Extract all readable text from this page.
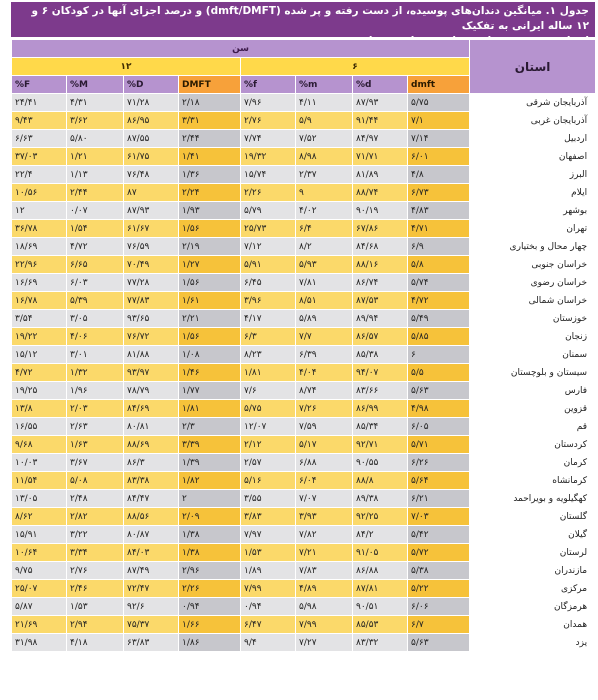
جدول ۱. میانگین دندان‌های پوسیده، از دست رفته و پر شده (dmft/DMFT) و درصد اجزای آنها در کودکان ۶ و ۱۲ ساله ایرانی به تفکیک
سن								استان
۱۲				۶				
%F	%M	%D	DMFT	%f	%m	%d	dmft	
۲۴/۴۱	۴/۳۱	۷۱/۲۸	۲/۱۸	۷/۹۶	۴/۱۱	۸۷/۹۳	۵/۷۵	آذربایجان شرقی
۹/۴۳	۳/۶۲	۸۶/۹۵	۳/۳۱	۲/۷۶	۵/۹	۹۱/۴۴	۷/۱	آذربایجان غربی
۶/۶۳	۵/۸۰	۸۷/۵۵	۲/۴۴	۷/۷۴	۷/۵۲	۸۴/۹۷	۷/۱۴	اردبیل
۳۷/۰۳	۱/۲۱	۶۱/۷۵	۱/۴۱	۱۹/۳۲	۸/۹۸	۷۱/۷۱	۶/۰۱	اصفهان
۲۲/۴	۱/۱۳	۷۶/۴۸	۱/۳۶	۱۵/۷۴	۲/۳۷	۸۱/۸۹	۴/۸	البرز
۱۰/۵۶	۲/۴۴	۸۷	۲/۲۴	۲/۲۶	۹	۸۸/۷۴	۶/۷۳	ایلام
۱۲	۰/۰۷	۸۷/۹۳	۱/۹۳	۵/۷۹	۴/۰۲	۹۰/۱۹	۴/۸۳	بوشهر
۳۶/۷۸	۱/۵۴	۶۱/۶۷	۱/۵۶	۲۵/۷۳	۶/۴	۶۷/۸۶	۴/۷۱	تهران
۱۸/۶۹	۴/۷۲	۷۶/۵۹	۲/۱۹	۷/۱۲	۸/۲	۸۴/۶۸	۶/۹	چهار محال و بختیاری
۲۲/۹۶	۶/۶۵	۷۰/۴۹	۱/۲۷	۵/۹۱	۵/۹۳	۸۸/۱۶	۵/۸	خراسان جنوبی
۱۶/۶۹	۶/۰۳	۷۷/۲۸	۱/۵۶	۶/۴۵	۷/۸۱	۸۶/۷۴	۵/۷۴	خراسان رضوی
۱۶/۷۸	۵/۳۹	۷۷/۸۳	۱/۶۱	۳/۹۶	۸/۵۱	۸۷/۵۳	۴/۷۲	خراسان شمالی
۳/۵۴	۳/۰۵	۹۳/۶۵	۲/۲۱	۴/۱۷	۵/۸۹	۸۹/۹۴	۵/۴۹	خوزستان
۱۹/۲۲	۴/۰۶	۷۶/۷۲	۱/۵۶	۶/۳	۷/۷	۸۶/۵۷	۵/۸۵	زنجان
۱۵/۱۲	۳/۰۱	۸۱/۸۸	۱/۰۸	۸/۲۳	۶/۳۹	۸۵/۳۸	۶	سمنان
۴/۷۲	۱/۳۲	۹۳/۹۷	۱/۴۶	۱/۸۱	۴/۰۴	۹۴/۰۷	۵/۵	سیستان و بلوچستان
۱۹/۲۵	۱/۹۶	۷۸/۷۹	۱/۷۷	۷/۶	۸/۷۴	۸۳/۶۶	۵/۶۳	فارس
۱۳/۸	۲/۰۳	۸۴/۶۹	۱/۸۱	۵/۷۵	۷/۲۶	۸۶/۹۹	۴/۹۸	قزوین
۱۶/۵۵	۲/۶۳	۸۰/۸۱	۲/۳	۱۲/۰۷	۷/۵۹	۸۵/۳۴	۶/۰۵	قم
۹/۶۸	۱/۶۳	۸۸/۶۹	۳/۳۹	۲/۱۲	۵/۱۷	۹۲/۷۱	۵/۷۱	کردستان
۱۰/۰۳	۳/۶۷	۸۶/۳	۱/۳۹	۲/۵۷	۶/۸۸	۹۰/۵۵	۶/۲۶	کرمان
۱۱/۵۴	۵/۰۸	۸۳/۳۸	۱/۸۲	۵/۱۶	۶/۰۴	۸۸/۸	۵/۶۴	کرمانشاه
۱۳/۰۵	۲/۴۸	۸۴/۴۷	۲	۳/۵۵	۷/۰۷	۸۹/۳۸	۶/۲۱	کهگیلویه و بویراحمد
۸/۶۲	۲/۸۲	۸۸/۵۶	۲/۰۹	۳/۸۳	۳/۹۳	۹۲/۲۵	۷/۰۳	گلستان
۱۵/۹۱	۳/۲۲	۸۰/۸۷	۱/۳۸	۷/۹۷	۷/۸۲	۸۴/۲	۵/۴۲	گیلان
۱۰/۶۴	۳/۳۴	۸۴/۰۳	۱/۳۸	۱/۵۳	۷/۲۱	۹۱/۰۵	۵/۷۲	لرستان
۹/۷۵	۲/۷۶	۸۷/۴۹	۲/۹۶	۱/۸۹	۷/۸۳	۸۶/۸۸	۵/۳۸	مازندران
۲۵/۰۷	۲/۴۶	۷۲/۴۷	۲/۲۶	۷/۹۹	۴/۸۹	۸۷/۸۱	۵/۲۲	مرکزی
۵/۸۷	۱/۵۳	۹۲/۶	۰/۹۴	۰/۹۴	۵/۹۸	۹۰/۵۱	۶/۰۶	هرمزگان
۲۱/۶۹	۲/۹۴	۷۵/۳۷	۱/۶۶	۶/۴۷	۷/۹۹	۸۵/۵۳	۶/۷	همدان
۳۱/۹۸	۴/۱۸	۶۳/۸۳	۱/۸۶	۹/۴	۷/۲۷	۸۳/۳۲	۵/۶۳	یزد
